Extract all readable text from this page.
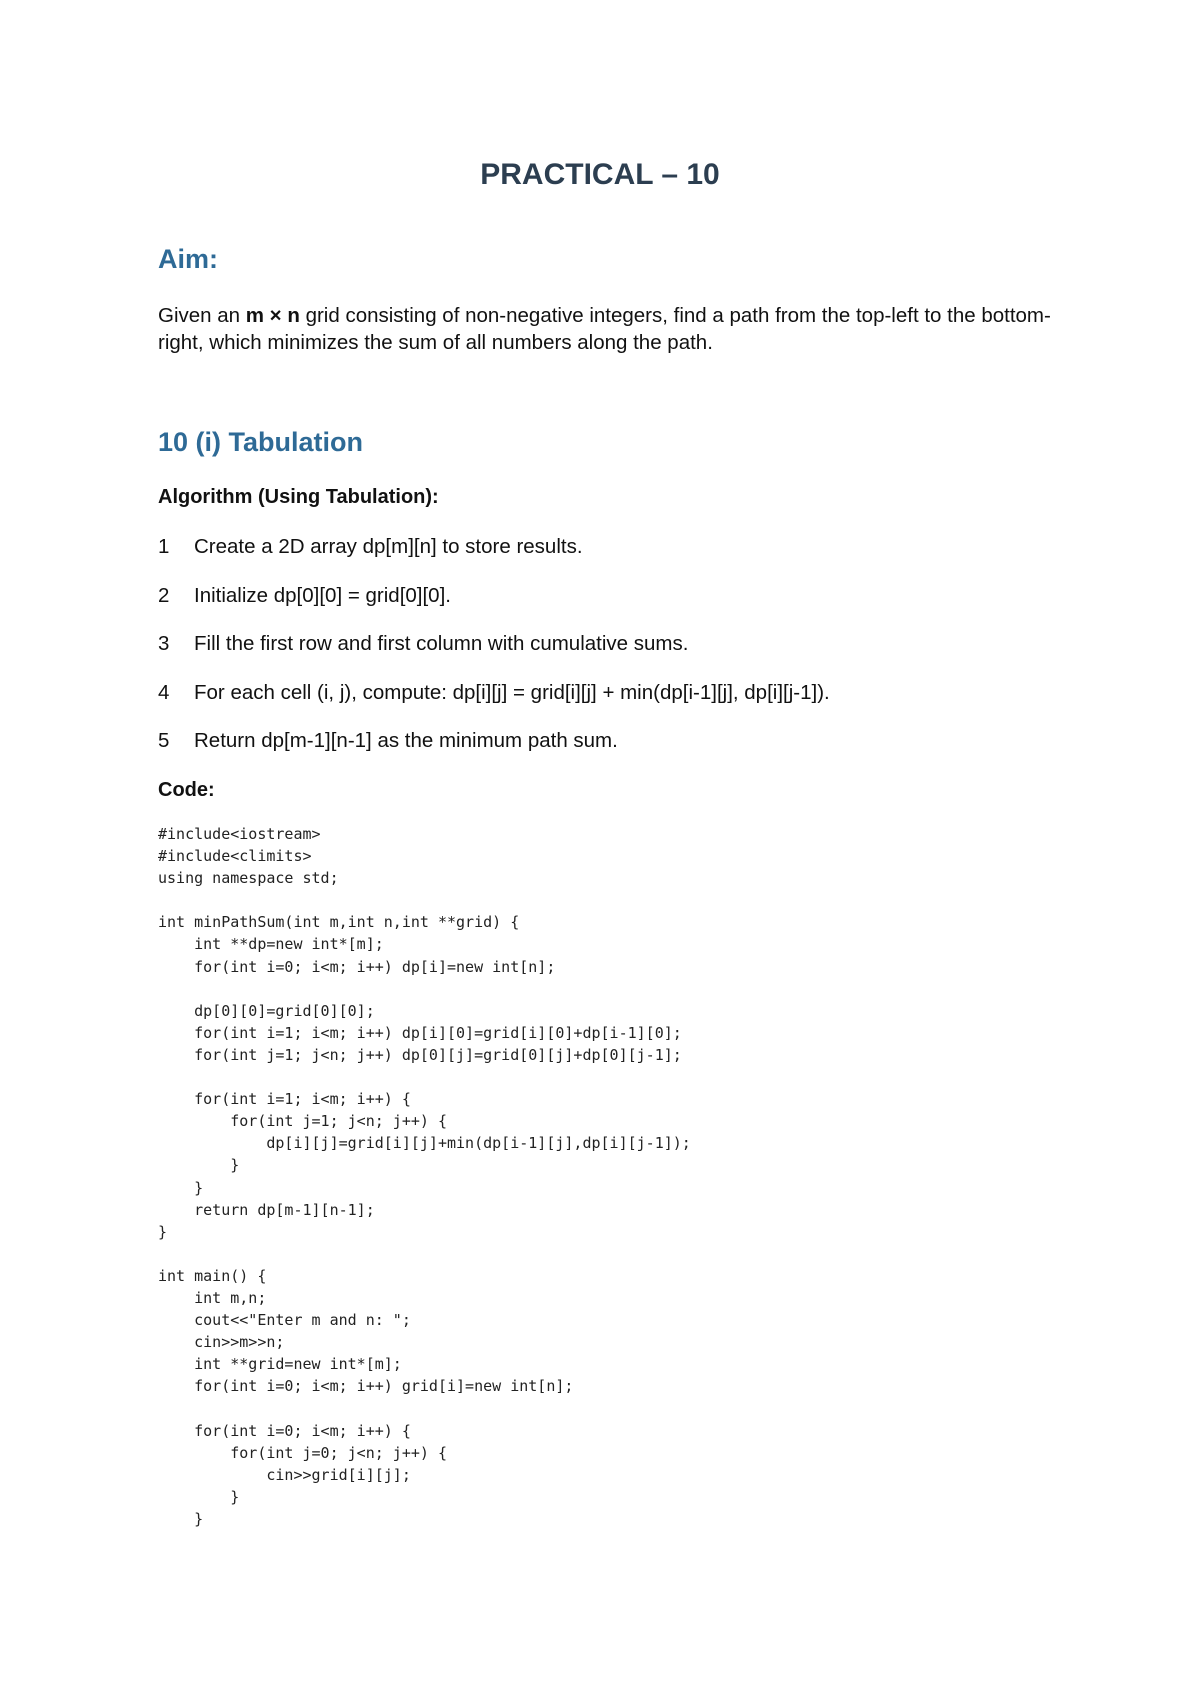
PRACTICAL – 10
Aim:

Given an m × n grid consisting of non-negative integers, find a path from the top-left to the bottom-right, which minimizes the sum of all numbers along the path.

10 (i) Tabulation

Algorithm (Using Tabulation):

1	Create a 2D array dp[m][n] to store results.
2	Initialize dp[0][0] = grid[0][0].
3	Fill the first row and first column with cumulative sums.
4	For each cell (i, j), compute: dp[i][j] = grid[i][j] + min(dp[i-1][j], dp[i][j-1]).
5	Return dp[m-1][n-1] as the minimum path sum.

Code:

#include<iostream>
#include<climits>
using namespace std;

int minPathSum(int m,int n,int **grid) {
int **dp=new int*[m];
for(int i=0; i<m; i++) dp[i]=new int[n];

dp[0][0]=grid[0][0];
for(int i=1; i<m; i++) dp[i][0]=grid[i][0]+dp[i-1][0];
for(int j=1; j<n; j++) dp[0][j]=grid[0][j]+dp[0][j-1];

for(int i=1; i<m; i++) {
for(int j=1; j<n; j++) {
dp[i][j]=grid[i][j]+min(dp[i-1][j],dp[i][j-1]);
}
}
return dp[m-1][n-1];
}

int main() {
int m,n;
cout<<"Enter m and n: ";
cin>>m>>n;
int **grid=new int*[m];
for(int i=0; i<m; i++) grid[i]=new int[n];

for(int i=0; i<m; i++) {
for(int j=0; j<n; j++) {
cin>>grid[i][j];
}
}
